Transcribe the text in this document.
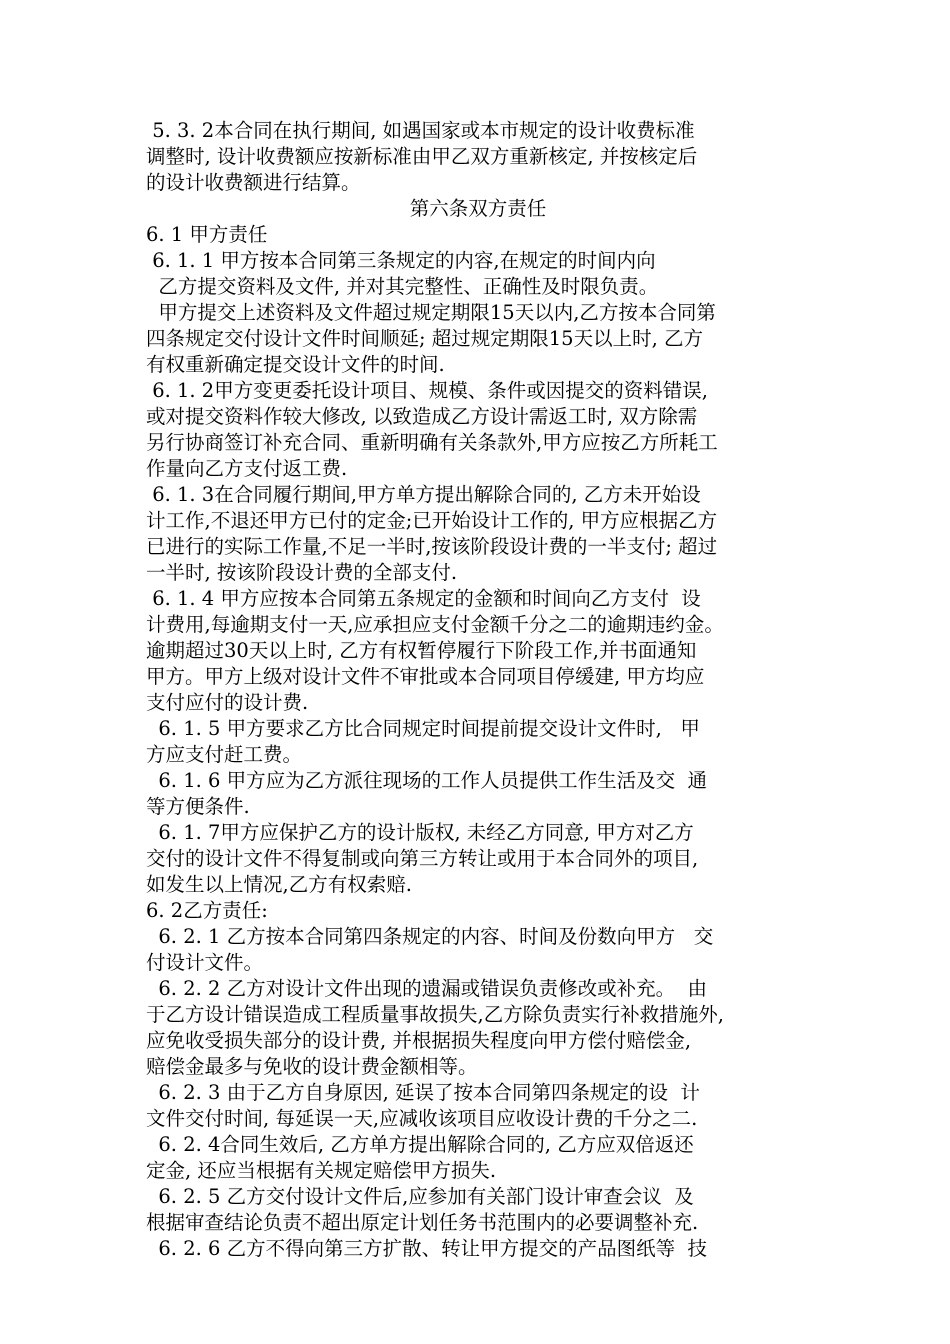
5. 3. 2本合同在执行期间, 如遇国家或本市规定的设计收费标准
调整时, 设计收费额应按新标准由甲乙双方重新核定, 并按核定后
的设计收费额进行结算。
第六条双方责任
6. 1 甲方责任
6. 1. 1 甲方按本合同第三条规定的内容,在规定的时间内向
乙方提交资料及文件, 并对其完整性、正确性及时限负责。
甲方提交上述资料及文件超过规定期限15天以内,乙方按本合同第
四条规定交付设计文件时间顺延; 超过规定期限15天以上时, 乙方
有权重新确定提交设计文件的时间.
6. 1. 2甲方变更委托设计项目、规模、条件或因提交的资料错误,
或对提交资料作较大修改, 以致造成乙方设计需返工时, 双方除需
另行协商签订补充合同、重新明确有关条款外,甲方应按乙方所耗工
作量向乙方支付返工费.
6. 1. 3在合同履行期间,甲方单方提出解除合同的, 乙方未开始设
计工作,不退还甲方已付的定金;已开始设计工作的, 甲方应根据乙方
已进行的实际工作量,不足一半时,按该阶段设计费的一半支付; 超过
一半时, 按该阶段设计费的全部支付.
6. 1. 4 甲方应按本合同第五条规定的金额和时间向乙方支付  设
计费用,每逾期支付一天,应承担应支付金额千分之二的逾期违约金。
逾期超过30天以上时, 乙方有权暂停履行下阶段工作,并书面通知
甲方。甲方上级对设计文件不审批或本合同项目停缓建, 甲方均应
支付应付的设计费.
6. 1. 5 甲方要求乙方比合同规定时间提前提交设计文件时,   甲
方应支付赶工费。
6. 1. 6 甲方应为乙方派往现场的工作人员提供工作生活及交  通
等方便条件.
6. 1. 7甲方应保护乙方的设计版权, 未经乙方同意, 甲方对乙方
交付的设计文件不得复制或向第三方转让或用于本合同外的项目,
如发生以上情况,乙方有权索赔.
6. 2乙方责任:
6. 2. 1 乙方按本合同第四条规定的内容、时间及份数向甲方   交
付设计文件。
6. 2. 2 乙方对设计文件出现的遗漏或错误负责修改或补充。  由
于乙方设计错误造成工程质量事故损失,乙方除负责实行补救措施外,
应免收受损失部分的设计费, 并根据损失程度向甲方偿付赔偿金,
赔偿金最多与免收的设计费金额相等。
6. 2. 3 由于乙方自身原因, 延误了按本合同第四条规定的设  计
文件交付时间, 每延误一天,应减收该项目应收设计费的千分之二.
6. 2. 4合同生效后, 乙方单方提出解除合同的, 乙方应双倍返还
定金, 还应当根据有关规定赔偿甲方损失.
6. 2. 5 乙方交付设计文件后,应参加有关部门设计审查会议  及
根据审查结论负责不超出原定计划任务书范围内的必要调整补充.
6. 2. 6 乙方不得向第三方扩散、转让甲方提交的产品图纸等  技
